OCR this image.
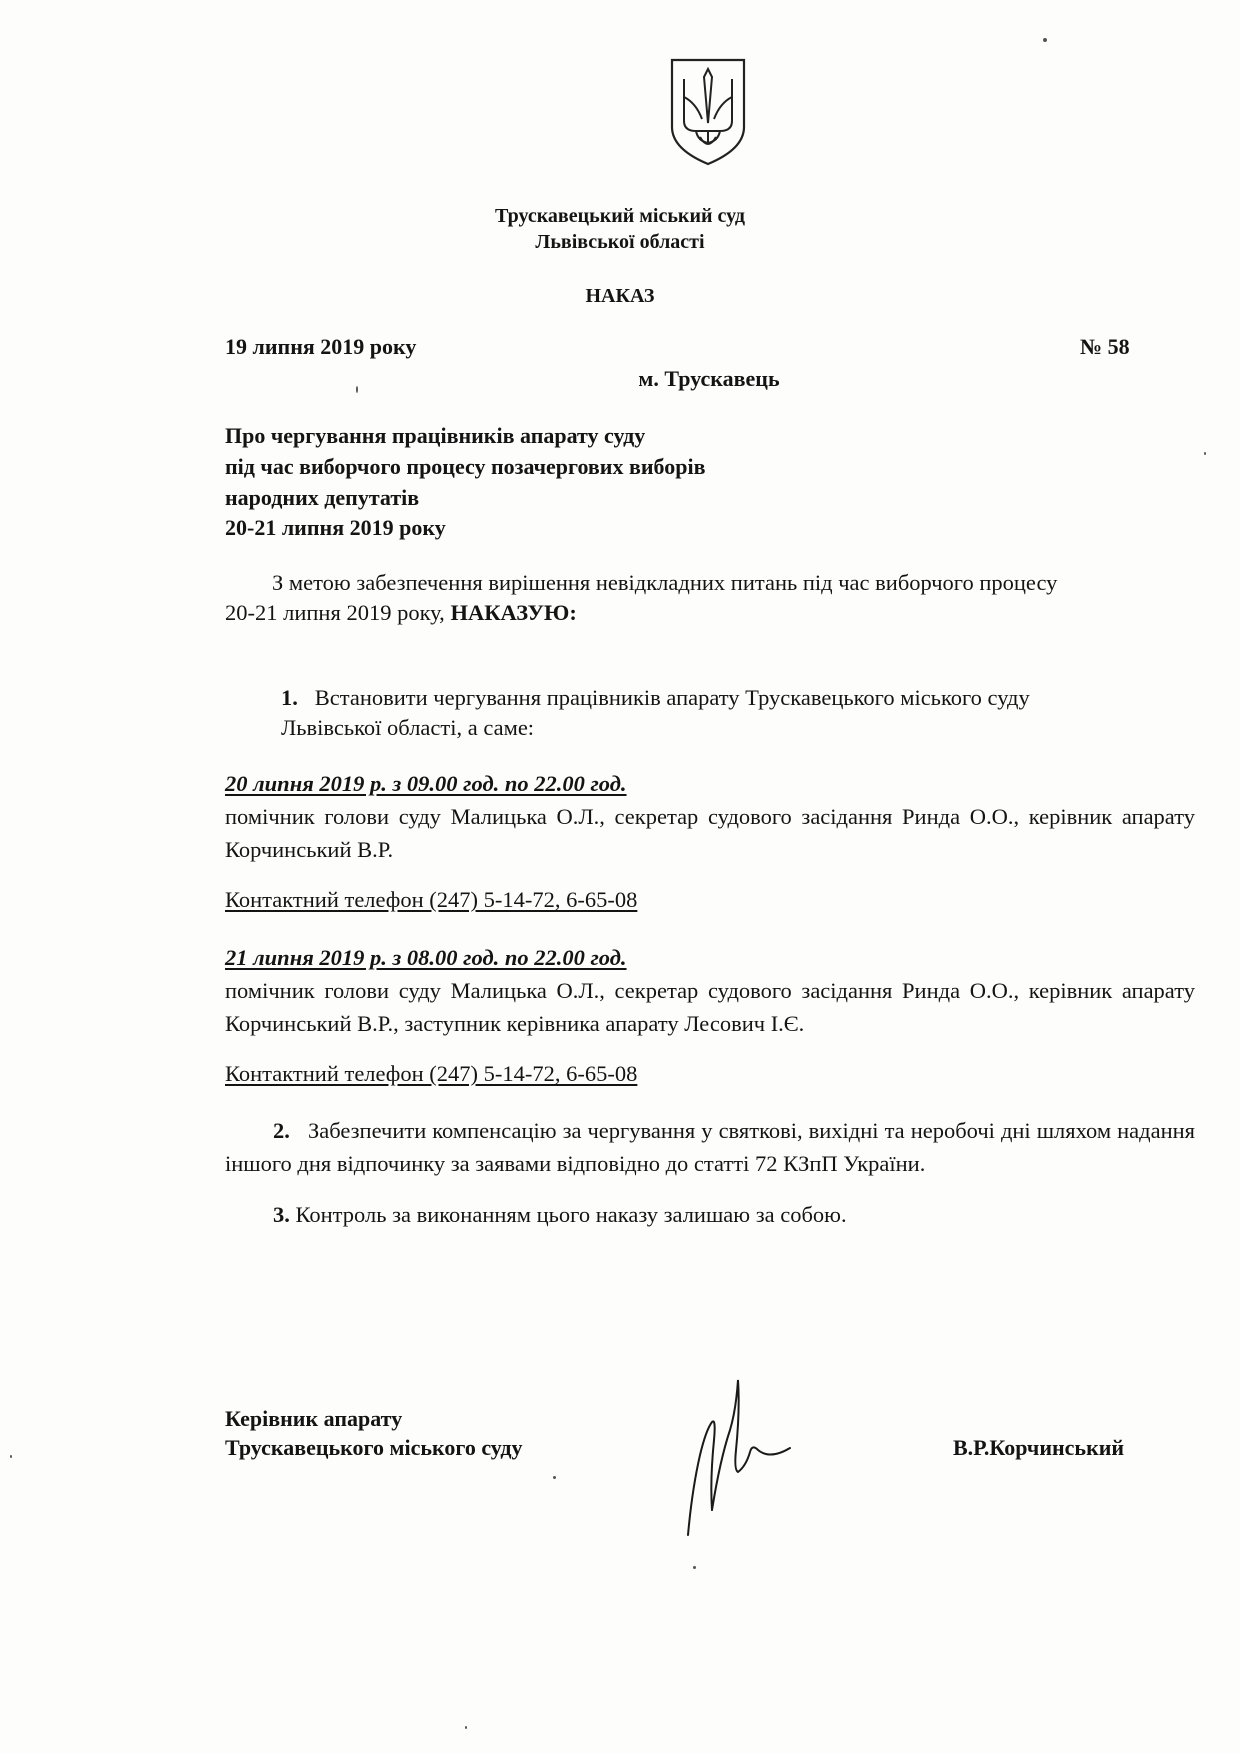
Трускавецький міський суд
Львівської області
НАКАЗ
19 липня 2019 року	№ 58
м. Трускавець
Про чергування працівників апарату суду
під час виборчого процесу позачергових виборів
народних депутатів
20-21 липня 2019 року
З метою забезпечення вирішення невідкладних питань під час виборчого процесу
20-21 липня 2019 року, НАКАЗУЮ:
1. Встановити чергування працівників апарату Трускавецького міського суду
Львівської області, а саме:
20 липня 2019 р. з 09.00 год. по 22.00 год.
помічник голови суду Малицька О.Л., секретар судового засідання Ринда О.О., керівник апарату Корчинський В.Р.
Контактний телефон (247) 5-14-72, 6-65-08
21 липня 2019 р. з 08.00 год. по 22.00 год.
помічник голови суду Малицька О.Л., секретар судового засідання Ринда О.О., керівник апарату Корчинський В.Р., заступник керівника апарату Лесович І.Є.
Контактний телефон (247) 5-14-72, 6-65-08
2. Забезпечити компенсацію за чергування у святкові, вихідні та неробочі дні шляхом надання іншого дня відпочинку за заявами відповідно до статті 72 КЗпП України.
3. Контроль за виконанням цього наказу залишаю за собою.
Керівник апарату
Трускавецького міського суду	В.Р.Корчинський
